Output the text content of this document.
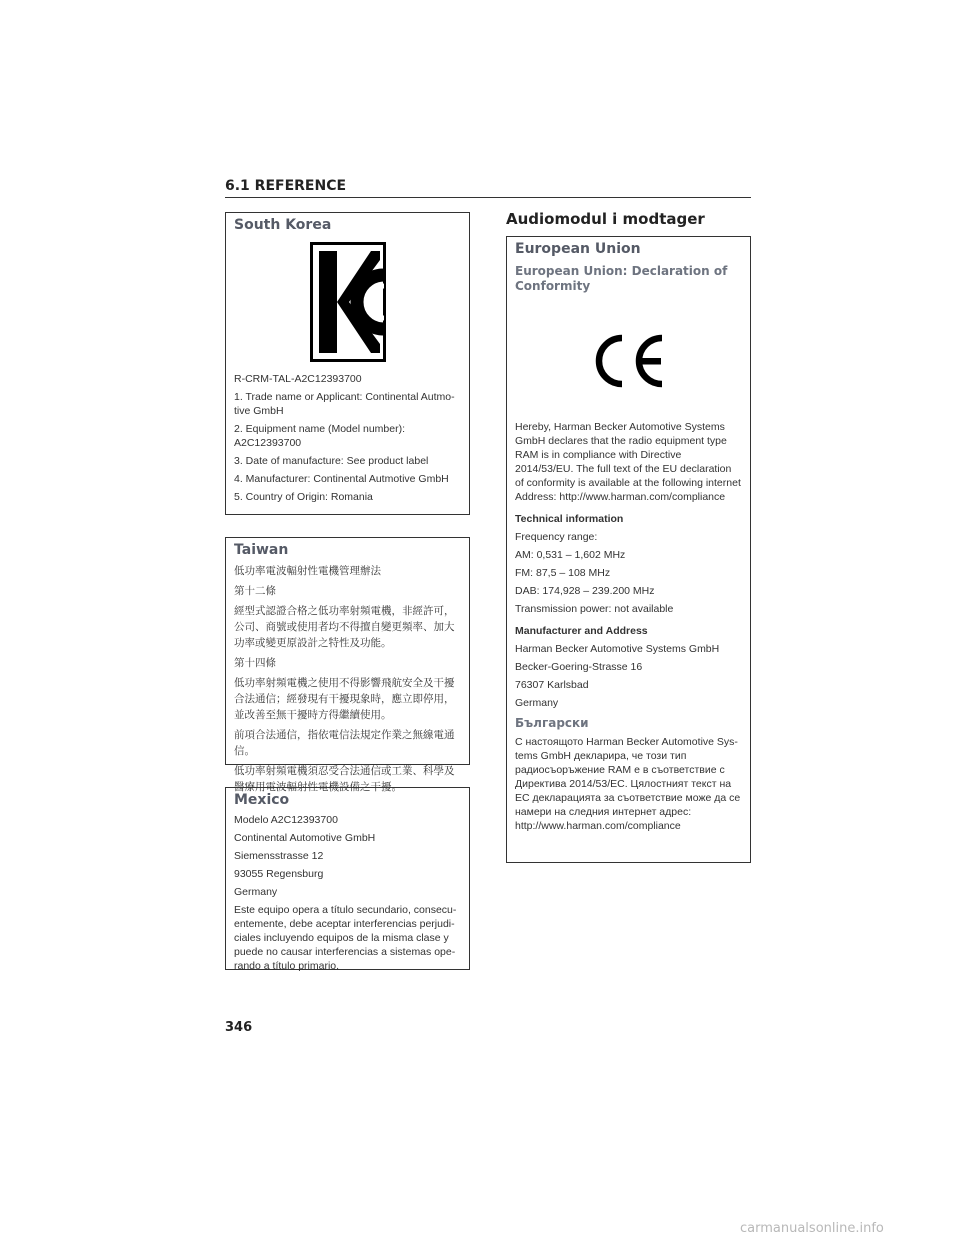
6.1 REFERENCE
South Korea

R-CRM-TAL-A2C12393700

1. Trade name or Applicant: Continental Autmotive GmbH

2. Equipment name (Model number): A2C12393700

3. Date of manufacture: See product label

4. Manufacturer: Continental Autmotive GmbH

5. Country of Origin: Romania

Taiwan

低功率電波輻射性電機管理辦法

第十二條

經型式認證合格之低功率射頻電機，非經許可，公司、商號或使用者均不得擅自變更頻率、加大功率或變更原設計之特性及功能。

第十四條

低功率射頻電機之使用不得影響飛航安全及干擾合法通信；經發現有干擾現象時，應立即停用，並改善至無干擾時方得繼續使用。

前項合法通信，指依電信法規定作業之無線電通信。

低功率射頻電機須忍受合法通信或工業、科學及醫療用電波輻射性電機設備之干擾。

Mexico

Modelo A2C12393700

Continental Automotive GmbH

Siemensstrasse 12

93055 Regensburg

Germany

Este equipo opera a título secundario, consecuentemente, debe aceptar interferencias perjudiciales incluyendo equipos de la misma clase y puede no causar interferencias a sistemas operando a título primario.

Audiomodul i modtager
European Union
European Union: Declaration of Conformity

Hereby, Harman Becker Automotive Systems GmbH declares that the radio equipment type RAM is in compliance with Directive 2014/53/EU. The full text of the EU declaration of conformity is available at the following internet Address: http://www.harman.com/compliance

Technical information

Frequency range:

AM: 0,531 – 1,602 MHz

FM: 87,5 – 108 MHz

DAB: 174,928 – 239.200 MHz

Transmission power: not available

Manufacturer and Address

Harman Becker Automotive Systems GmbH

Becker-Goering-Strasse 16

76307 Karlsbad

Germany

Български

С настоящото Harman Becker Automotive Systems GmbH декларира, че този тип радиосъоръжение RAM е в съответствие с Директива 2014/53/ЕС. Цялостният текст на ЕС декларацията за съответствие може да се намери на следния интернет адрес: http://www.harman.com/compliance

346
carmanualsonline.info
